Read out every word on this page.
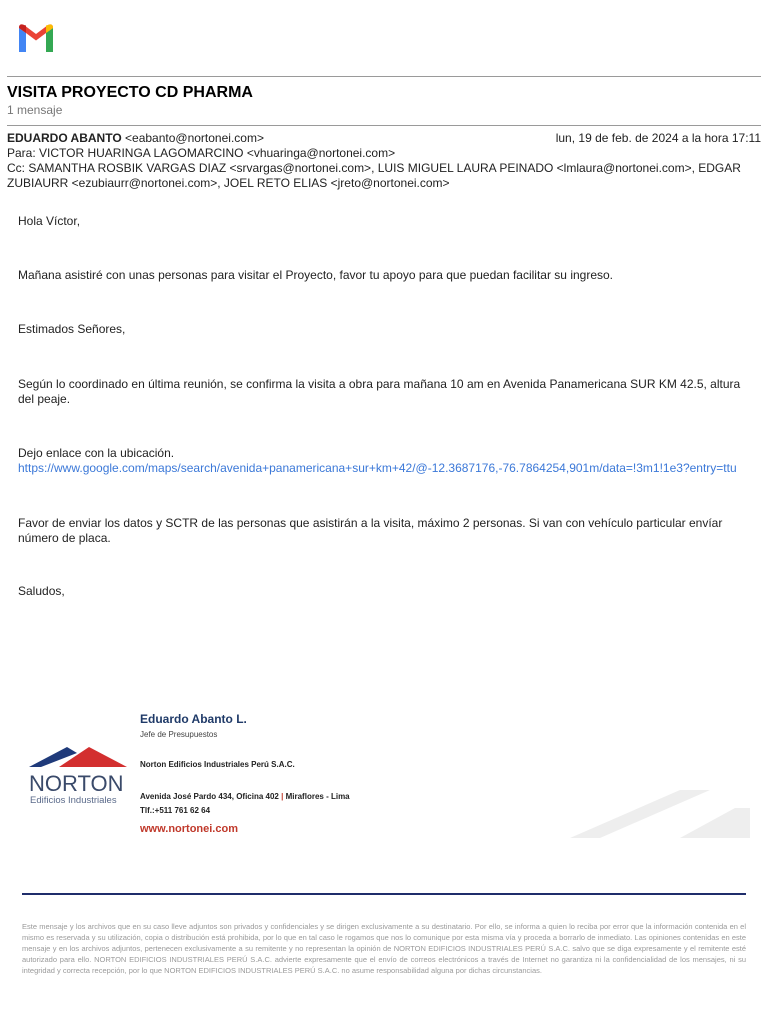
VISITA PROYECTO CD PHARMA
1 mensaje
EDUARDO ABANTO <eabanto@nortonei.com>	lun, 19 de feb. de 2024 a la hora 17:11
Para: VICTOR HUARINGA LAGOMARCINO <vhuaringa@nortonei.com>
Cc: SAMANTHA ROSBIK VARGAS DIAZ <srvargas@nortonei.com>, LUIS MIGUEL LAURA PEINADO <lmlaura@nortonei.com>, EDGAR ZUBIAURR <ezubiaurr@nortonei.com>, JOEL RETO ELIAS <jreto@nortonei.com>
Hola Víctor,
Mañana asistiré con unas personas para visitar el Proyecto, favor tu apoyo para que puedan facilitar su ingreso.
Estimados Señores,
Según lo coordinado en última reunión, se confirma la visita a obra para mañana 10 am en Avenida Panamericana SUR KM 42.5, altura del peaje.
Dejo enlace con la ubicación. https://www.google.com/maps/search/avenida+panamericana+sur+km+42/@-12.3687176,-76.7864254,901m/data=!3m1!1e3?entry=ttu
Favor de enviar los datos y SCTR de las personas que asistirán a la visita, máximo 2 personas. Si van con vehículo particular envíar número de placa.
Saludos,
Eduardo Abanto L.
Jefe de Presupuestos
NORTON
Edificios Industriales
Norton Edificios Industriales Perú S.A.C.
Avenida José Pardo 434, Oficina 402 | Miraflores - Lima
Tlf.:+511 761 62 64
www.nortonei.com
Este mensaje y los archivos que en su caso lleve adjuntos son privados y confidenciales y se dirigen exclusivamente a su destinatario. Por ello, se informa a quien lo reciba por error que la información contenida en el mismo es reservada y su utilización, copia o distribución está prohibida, por lo que en tal caso le rogamos que nos lo comunique por esta misma vía y proceda a borrarlo de inmediato. Las opiniones contenidas en este mensaje y en los archivos adjuntos, pertenecen exclusivamente a su remitente y no representan la opinión de NORTON EDIFICIOS INDUSTRIALES PERÚ S.A.C. salvo que se diga expresamente y el remitente esté autorizado para ello. NORTON EDIFICIOS INDUSTRIALES PERÚ S.A.C. advierte expresamente que el envío de correos electrónicos a través de Internet no garantiza ni la confidencialidad de los mensajes, ni su integridad y correcta recepción, por lo que NORTON EDIFICIOS INDUSTRIALES PERÚ S.A.C. no asume responsabilidad alguna por dichas circunstancias.
